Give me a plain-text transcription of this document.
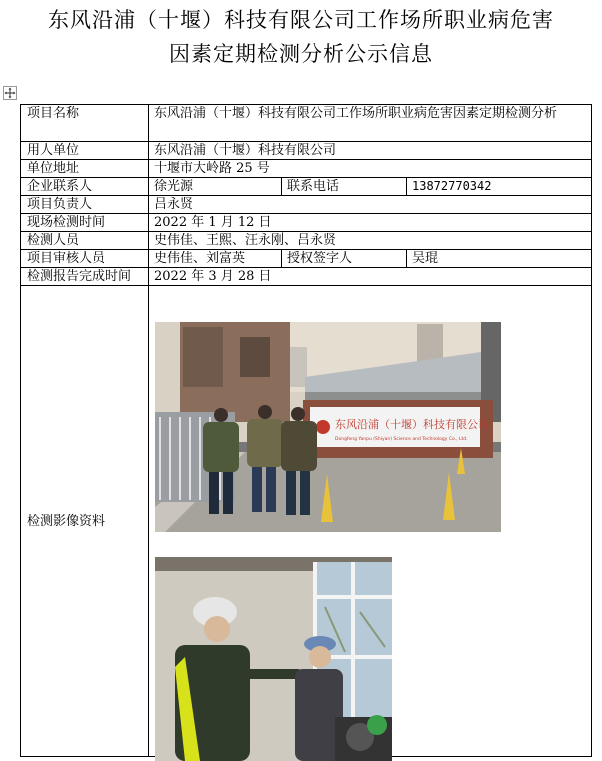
东风沿浦（十堰）科技有限公司工作场所职业病危害
因素定期检测分析公示信息
项目名称	东风沿浦（十堰）科技有限公司工作场所职业病危害因素定期检测分析		
用人单位	东风沿浦（十堰）科技有限公司		
单位地址	十堰市大岭路 25 号		
企业联系人	徐光源	联系电话	13872770342
项目负责人	吕永贤		
现场检测时间	2022 年 1 月 12 日		
检测人员	史伟佳、王熙、汪永刚、吕永贤		
项目审核人员	史伟佳、刘富英	授权签字人	吴琨
检测报告完成时间	2022 年 3 月 28 日		
检测影像资料			
东风沿浦（十堰）科技有限公司
Dongfeng Yanpu (Shiyan) Science and Technology Co., Ltd.
